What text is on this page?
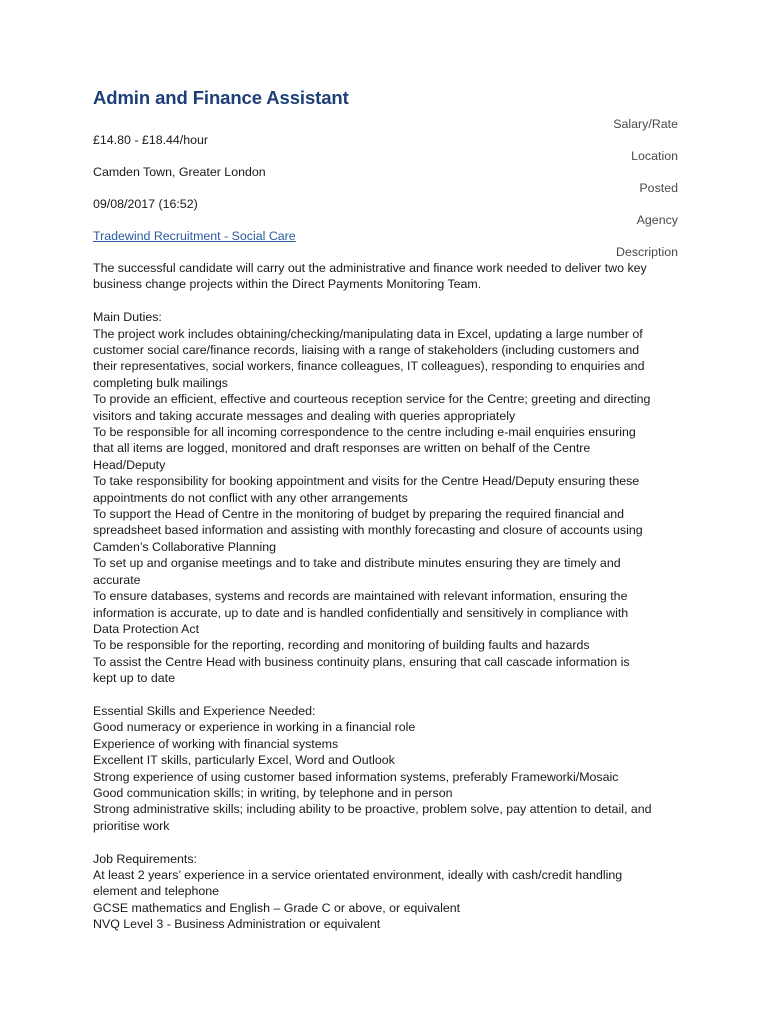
Admin and Finance Assistant
Salary/Rate
£14.80 - £18.44/hour
Location
Camden Town, Greater London
Posted
09/08/2017 (16:52)
Agency
Tradewind Recruitment - Social Care
Description

The successful candidate will carry out the administrative and finance work needed to deliver two key

business change projects within the Direct Payments Monitoring Team.

Main Duties:

The project work includes obtaining/checking/manipulating data in Excel, updating a large number of

customer social care/finance records, liaising with a range of stakeholders (including customers and

their representatives, social workers, finance colleagues, IT colleagues), responding to enquiries and

completing bulk mailings

To provide an efficient, effective and courteous reception service for the Centre; greeting and directing

visitors and taking accurate messages and dealing with queries appropriately

To be responsible for all incoming correspondence to the centre including e-mail enquiries ensuring

that all items are logged, monitored and draft responses are written on behalf of the Centre

Head/Deputy

To take responsibility for booking appointment and visits for the Centre Head/Deputy ensuring these

appointments do not conflict with any other arrangements

To support the Head of Centre in the monitoring of budget by preparing the required financial and

spreadsheet based information and assisting with monthly forecasting and closure of accounts using

Camden’s Collaborative Planning

To set up and organise meetings and to take and distribute minutes ensuring they are timely and

accurate

To ensure databases, systems and records are maintained with relevant information, ensuring the

information is accurate, up to date and is handled confidentially and sensitively in compliance with

Data Protection Act

To be responsible for the reporting, recording and monitoring of building faults and hazards

To assist the Centre Head with business continuity plans, ensuring that call cascade information is

kept up to date

Essential Skills and Experience Needed:

Good numeracy or experience in working in a financial role

Experience of working with financial systems

Excellent IT skills, particularly Excel, Word and Outlook

Strong experience of using customer based information systems, preferably Frameworki/Mosaic

Good communication skills; in writing, by telephone and in person

Strong administrative skills; including ability to be proactive, problem solve, pay attention to detail, and

prioritise work

Job Requirements:

At least 2 years’ experience in a service orientated environment, ideally with cash/credit handling

element and telephone

GCSE mathematics and English – Grade C or above, or equivalent

NVQ Level 3 - Business Administration or equivalent
